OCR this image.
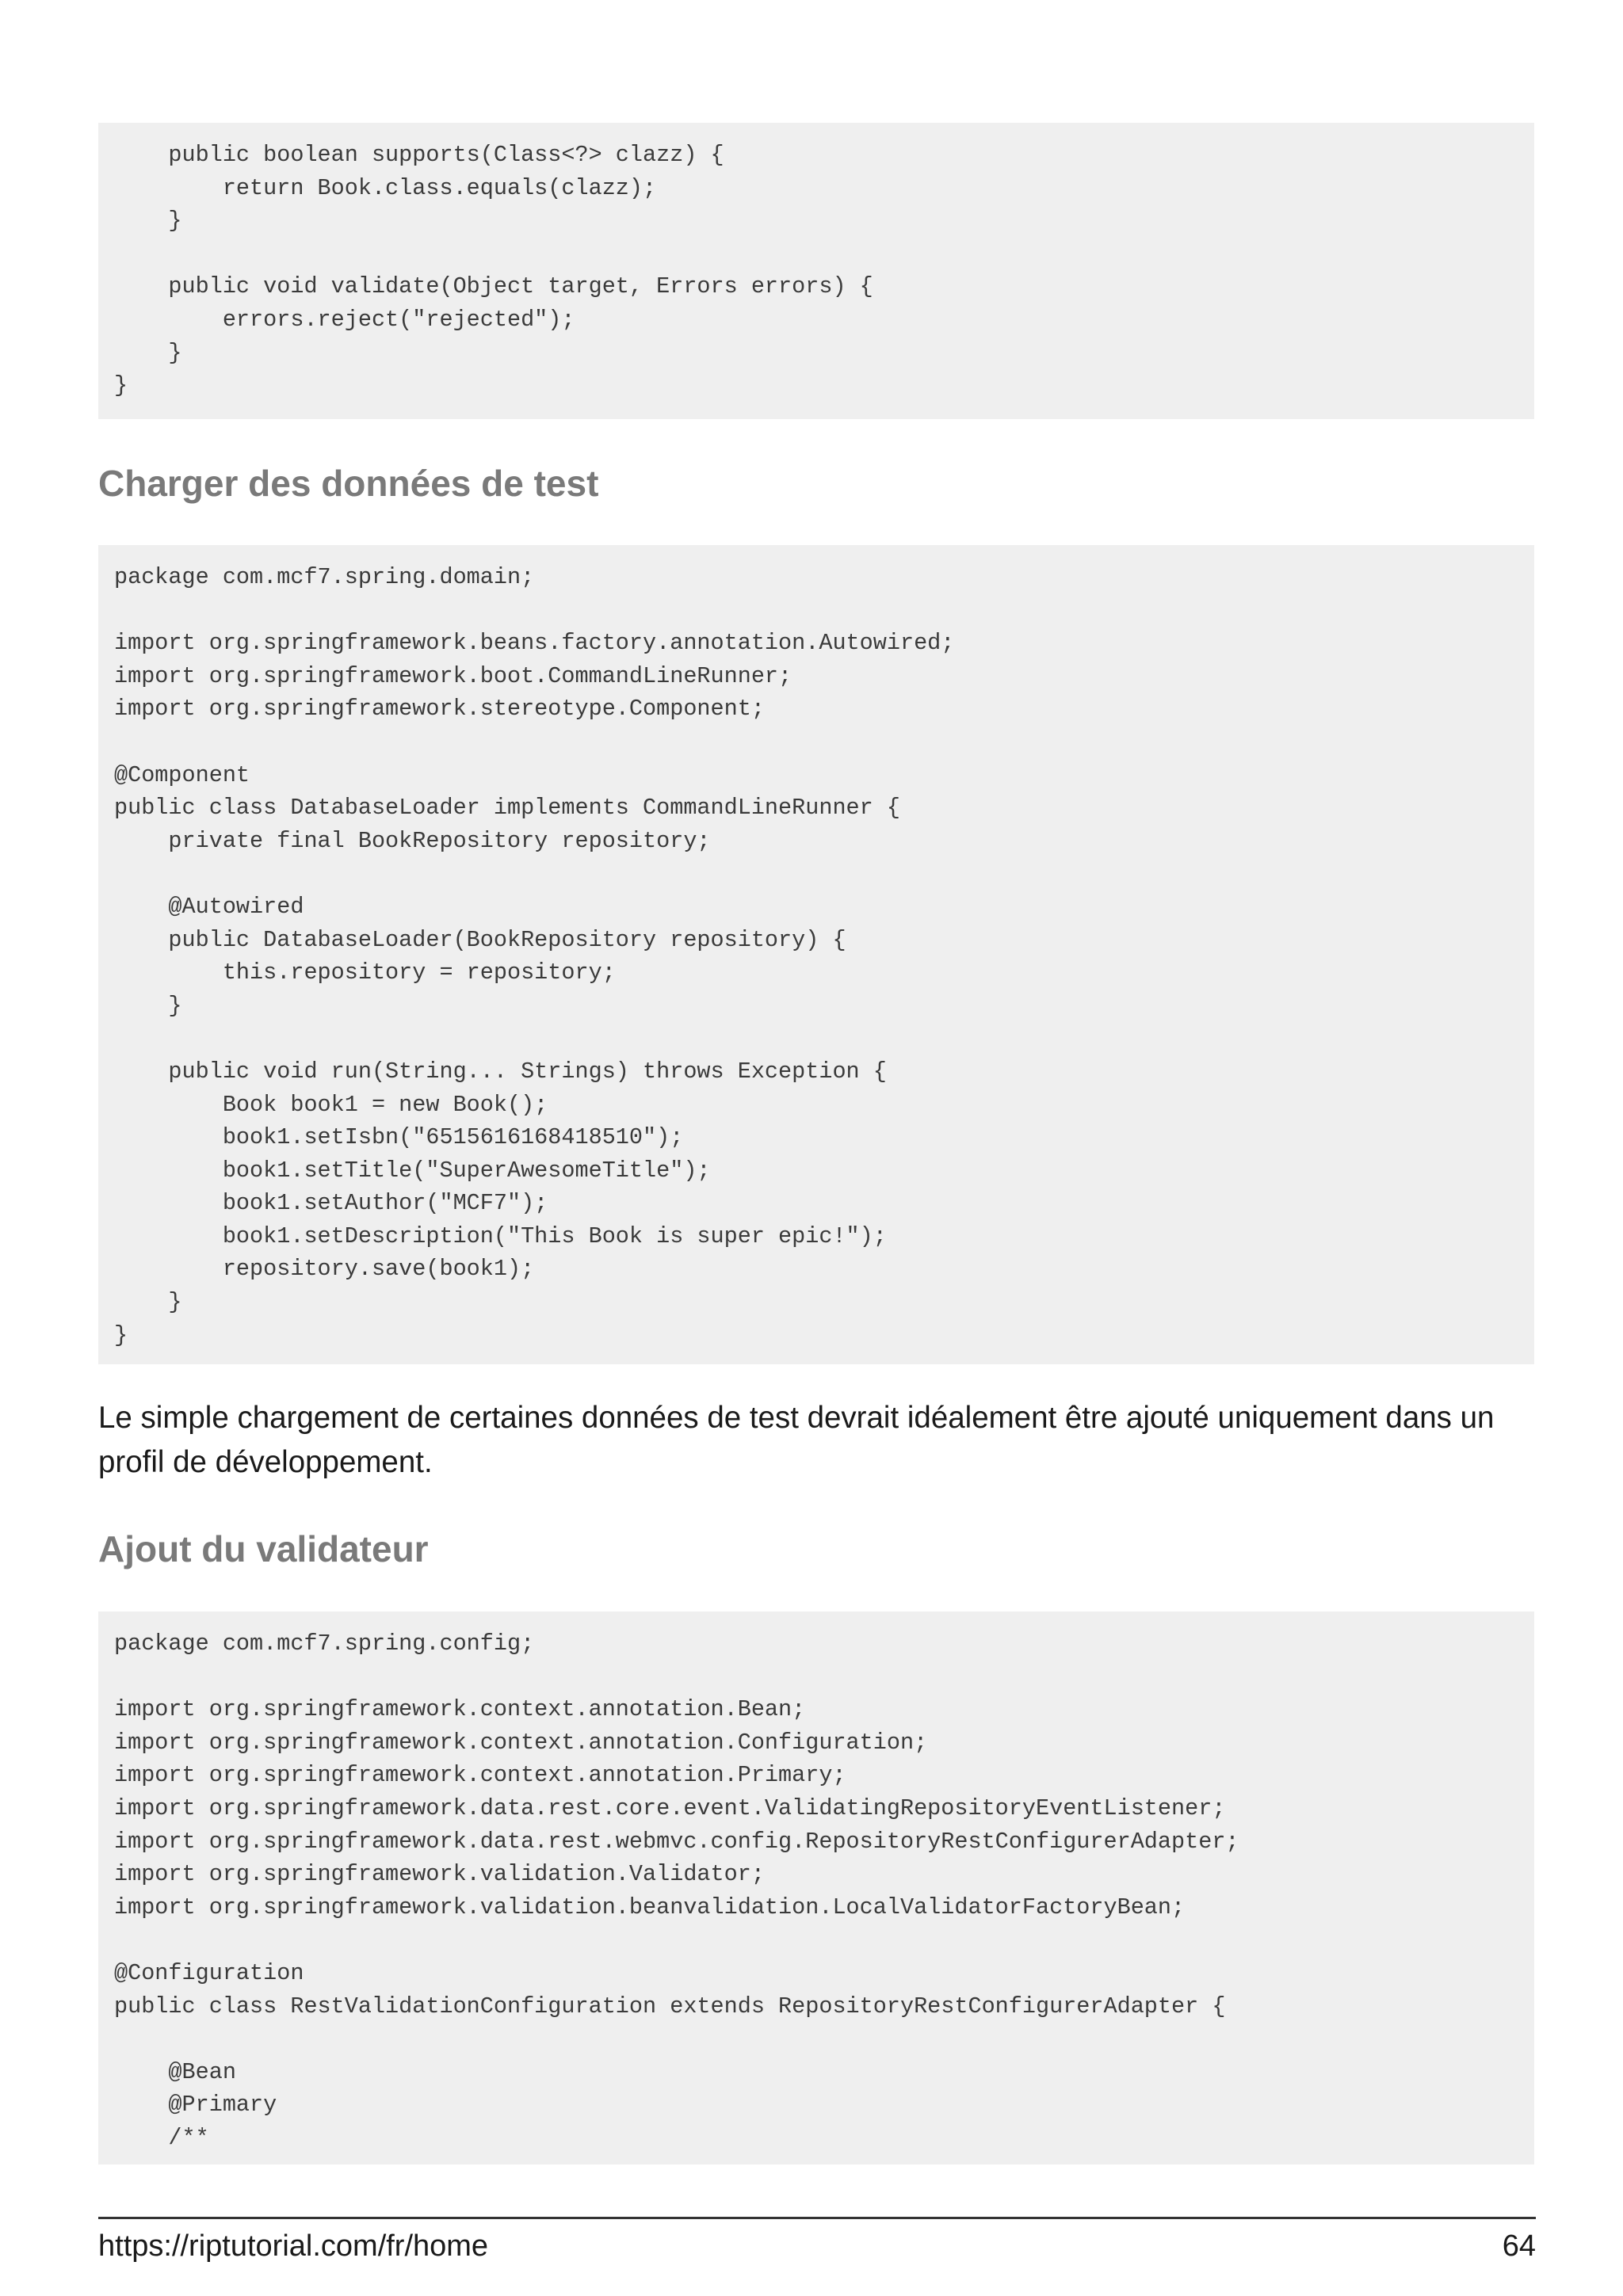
public boolean supports(Class<?> clazz) {
return Book.class.equals(clazz);
}
public void validate(Object target, Errors errors) {
errors.reject("rejected");
}
}
Charger des données de test
package com.mcf7.spring.domain;
import org.springframework.beans.factory.annotation.Autowired;
import org.springframework.boot.CommandLineRunner;
import org.springframework.stereotype.Component;
@Component
public class DatabaseLoader implements CommandLineRunner {
private final BookRepository repository;
@Autowired
public DatabaseLoader(BookRepository repository) {
this.repository = repository;
}
public void run(String... Strings) throws Exception {
Book book1 = new Book();
book1.setIsbn("6515616168418510");
book1.setTitle("SuperAwesomeTitle");
book1.setAuthor("MCF7");
book1.setDescription("This Book is super epic!");
repository.save(book1);
}
}

Le simple chargement de certaines données de test devrait idéalement être ajouté uniquement dans un profil de développement.

Ajout du validateur
package com.mcf7.spring.config;
import org.springframework.context.annotation.Bean;
import org.springframework.context.annotation.Configuration;
import org.springframework.context.annotation.Primary;
import org.springframework.data.rest.core.event.ValidatingRepositoryEventListener;
import org.springframework.data.rest.webmvc.config.RepositoryRestConfigurerAdapter;
import org.springframework.validation.Validator;
import org.springframework.validation.beanvalidation.LocalValidatorFactoryBean;
@Configuration
public class RestValidationConfiguration extends RepositoryRestConfigurerAdapter {
@Bean
@Primary
/**
https://riptutorial.com/fr/home	64
